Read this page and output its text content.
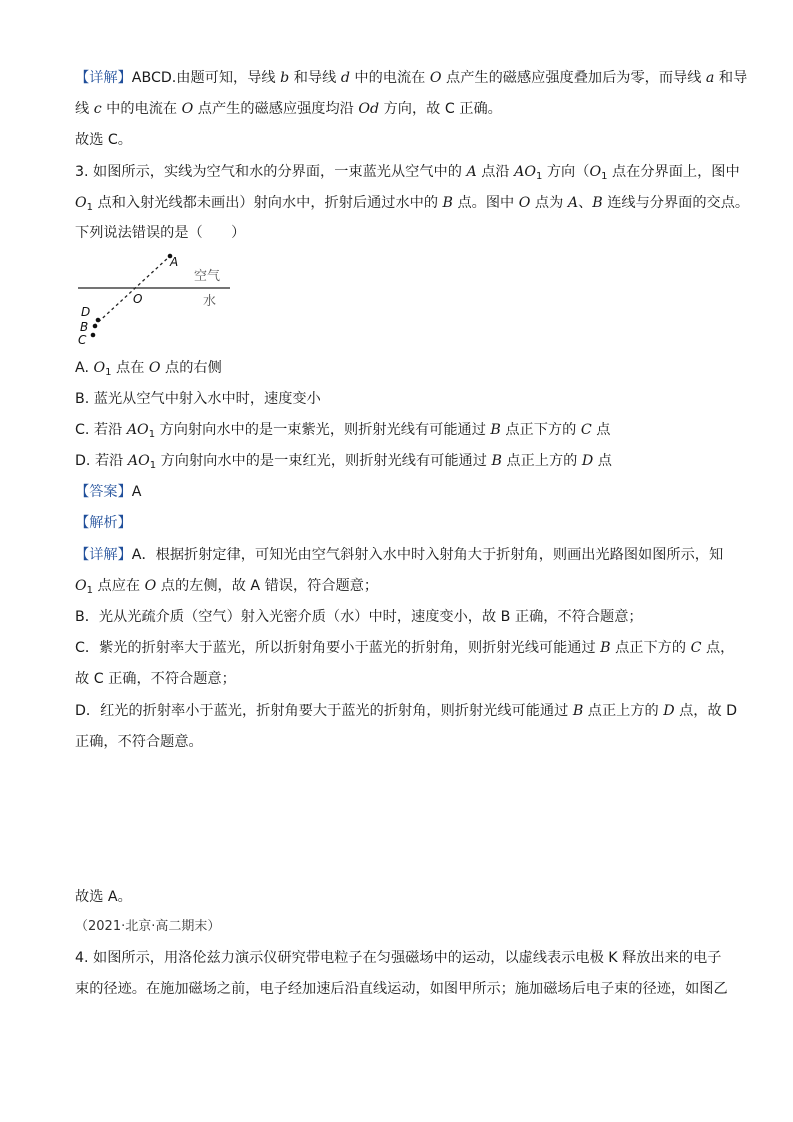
【详解】ABCD.由题可知，导线 b 和导线 d 中的电流在 O 点产生的磁感应强度叠加后为零，而导线 a 和导
线 c 中的电流在 O 点产生的磁感应强度均沿 Od 方向，故 C 正确。
故选 C。
3. 如图所示，实线为空气和水的分界面，一束蓝光从空气中的 A 点沿 $AO_1$ 方向（$O_1$ 点在分界面上，图中
$O_1$ 点和入射光线都未画出）射向水中，折射后通过水中的 B 点。图中 O 点为 A、B 连线与分界面的交点。
下列说法错误的是（　　）
A
O
D
B
C
空气
水
A. $O_1$ 点在 O 点的右侧
B. 蓝光从空气中射入水中时，速度变小
C. 若沿 $AO_1$ 方向射向水中的是一束紫光，则折射光线有可能通过 B 点正下方的 C 点
D. 若沿 $AO_1$ 方向射向水中的是一束红光，则折射光线有可能通过 B 点正上方的 D 点
【答案】A
【解析】
【详解】A．根据折射定律，可知光由空气斜射入水中时入射角大于折射角，则画出光路图如图所示，知
$O_1$ 点应在 O 点的左侧，故 A 错误，符合题意；
B．光从光疏介质（空气）射入光密介质（水）中时，速度变小，故 B 正确，不符合题意；
C．紫光的折射率大于蓝光，所以折射角要小于蓝光的折射角，则折射光线可能通过 B 点正下方的 C 点，
故 C 正确，不符合题意；
D．红光的折射率小于蓝光，折射角要大于蓝光的折射角，则折射光线可能通过 B 点正上方的 D 点，故 D
正确，不符合题意。
故选 A。
（2021·北京·高二期末）
4. 如图所示，用洛伦兹力演示仪研究带电粒子在匀强磁场中的运动，以虚线表示电极 K 释放出来的电子
束的径迹。在施加磁场之前，电子经加速后沿直线运动，如图甲所示；施加磁场后电子束的径迹，如图乙
